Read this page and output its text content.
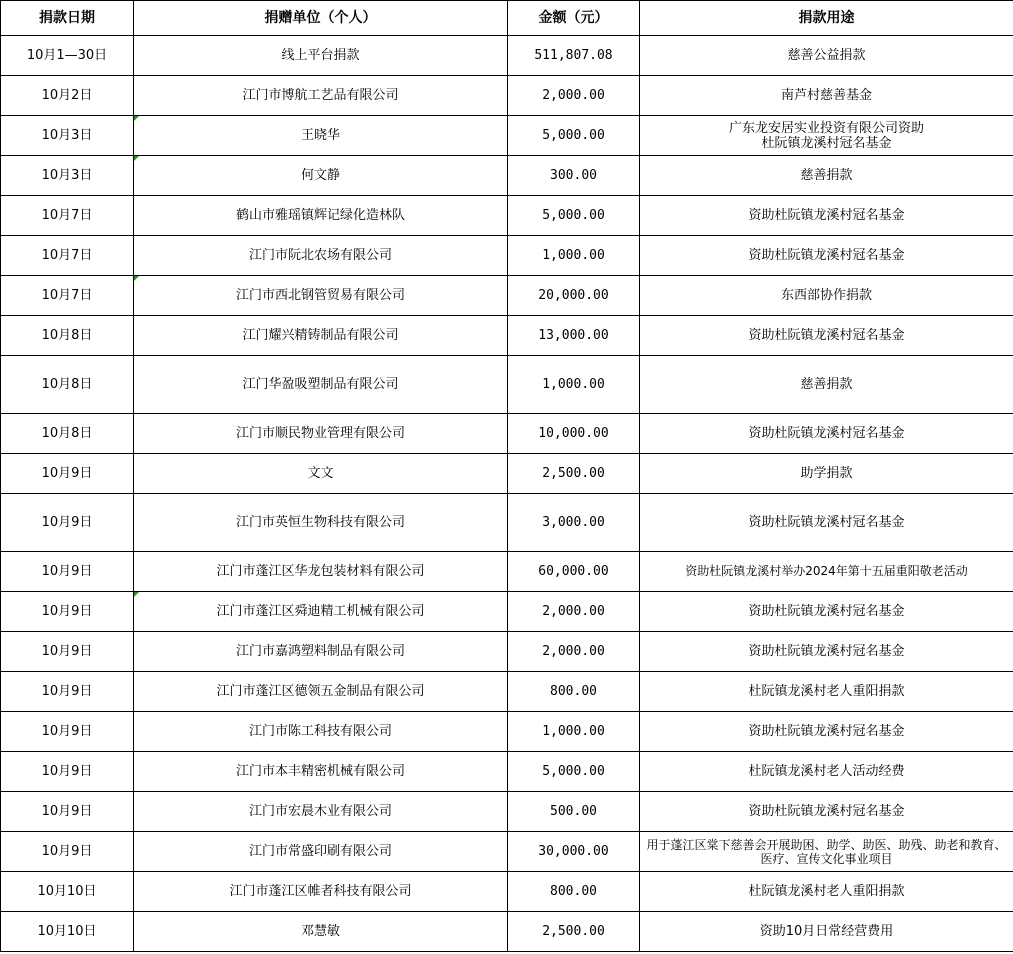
捐款日期	捐赠单位（个人）	金额（元）	捐款用途
10月1—30日	线上平台捐款	511,807.08	慈善公益捐款
10月2日	江门市博航工艺品有限公司	2,000.00	南芦村慈善基金
10月3日	王晓华	5,000.00	广东龙安居实业投资有限公司资助
杜阮镇龙溪村冠名基金
10月3日	何文静	300.00	慈善捐款
10月7日	鹤山市雅瑶镇辉记绿化造林队	5,000.00	资助杜阮镇龙溪村冠名基金
10月7日	江门市阮北农场有限公司	1,000.00	资助杜阮镇龙溪村冠名基金
10月7日	江门市西北钢管贸易有限公司	20,000.00	东西部协作捐款
10月8日	江门耀兴精铸制品有限公司	13,000.00	资助杜阮镇龙溪村冠名基金
10月8日	江门华盈吸塑制品有限公司	1,000.00	慈善捐款
10月8日	江门市顺民物业管理有限公司	10,000.00	资助杜阮镇龙溪村冠名基金
10月9日	文文	2,500.00	助学捐款
10月9日	江门市英恒生物科技有限公司	3,000.00	资助杜阮镇龙溪村冠名基金
10月9日	江门市蓬江区华龙包装材料有限公司	60,000.00	资助杜阮镇龙溪村举办2024年第十五届重阳敬老活动
10月9日	江门市蓬江区舜迪精工机械有限公司	2,000.00	资助杜阮镇龙溪村冠名基金
10月9日	江门市嘉鸿塑料制品有限公司	2,000.00	资助杜阮镇龙溪村冠名基金
10月9日	江门市蓬江区德领五金制品有限公司	800.00	杜阮镇龙溪村老人重阳捐款
10月9日	江门市陈工科技有限公司	1,000.00	资助杜阮镇龙溪村冠名基金
10月9日	江门市本丰精密机械有限公司	5,000.00	杜阮镇龙溪村老人活动经费
10月9日	江门市宏晨木业有限公司	500.00	资助杜阮镇龙溪村冠名基金
10月9日	江门市常盛印刷有限公司	30,000.00	用于蓬江区棠下慈善会开展助困、助学、助医、助残、助老和教育、医疗、宣传文化事业项目
10月10日	江门市蓬江区帷者科技有限公司	800.00	杜阮镇龙溪村老人重阳捐款
10月10日	邓慧敏	2,500.00	资助10月日常经营费用
